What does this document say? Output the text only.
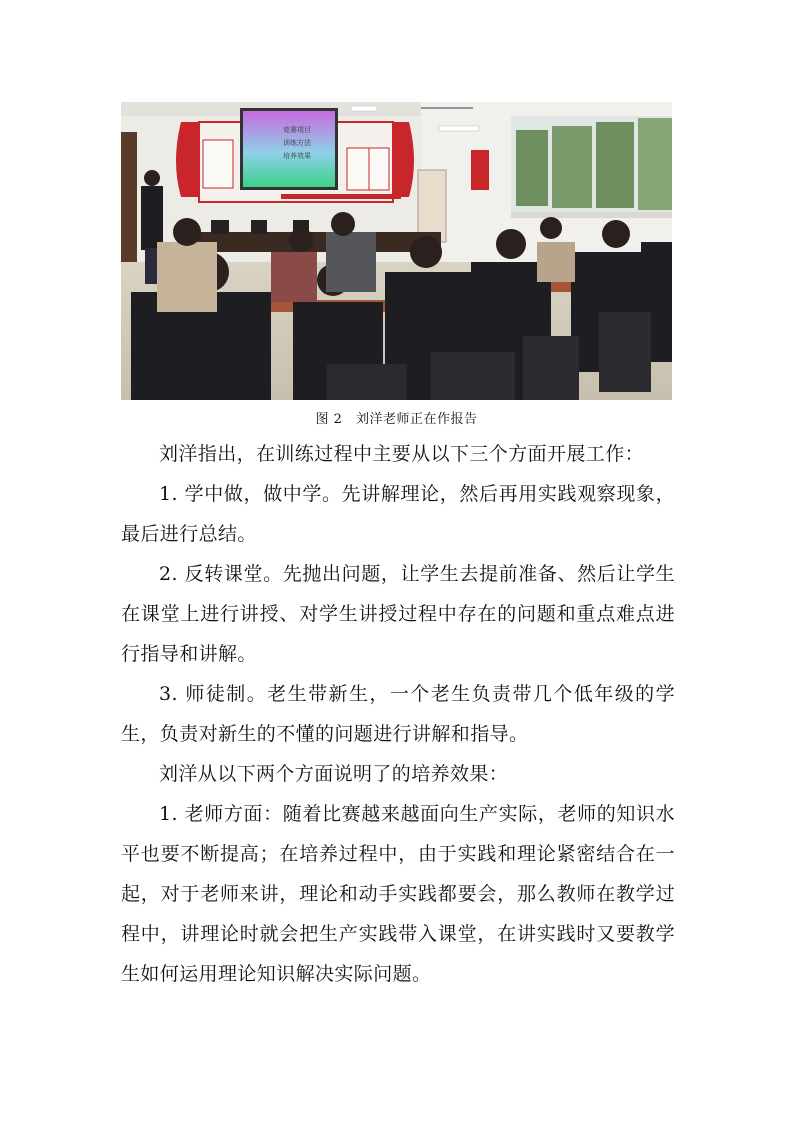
竞赛项目
训练方法
培养效果
图 2　刘洋老师正在作报告

刘洋指出，在训练过程中主要从以下三个方面开展工作：

1. 学中做，做中学。先讲解理论，然后再用实践观察现象，最后进行总结。

2. 反转课堂。先抛出问题，让学生去提前准备、然后让学生在课堂上进行讲授、对学生讲授过程中存在的问题和重点难点进行指导和讲解。

3. 师徒制。老生带新生，一个老生负责带几个低年级的学生，负责对新生的不懂的问题进行讲解和指导。

刘洋从以下两个方面说明了的培养效果：

1. 老师方面：随着比赛越来越面向生产实际，老师的知识水平也要不断提高；在培养过程中，由于实践和理论紧密结合在一起，对于老师来讲，理论和动手实践都要会，那么教师在教学过程中，讲理论时就会把生产实践带入课堂，在讲实践时又要教学生如何运用理论知识解决实际问题。
